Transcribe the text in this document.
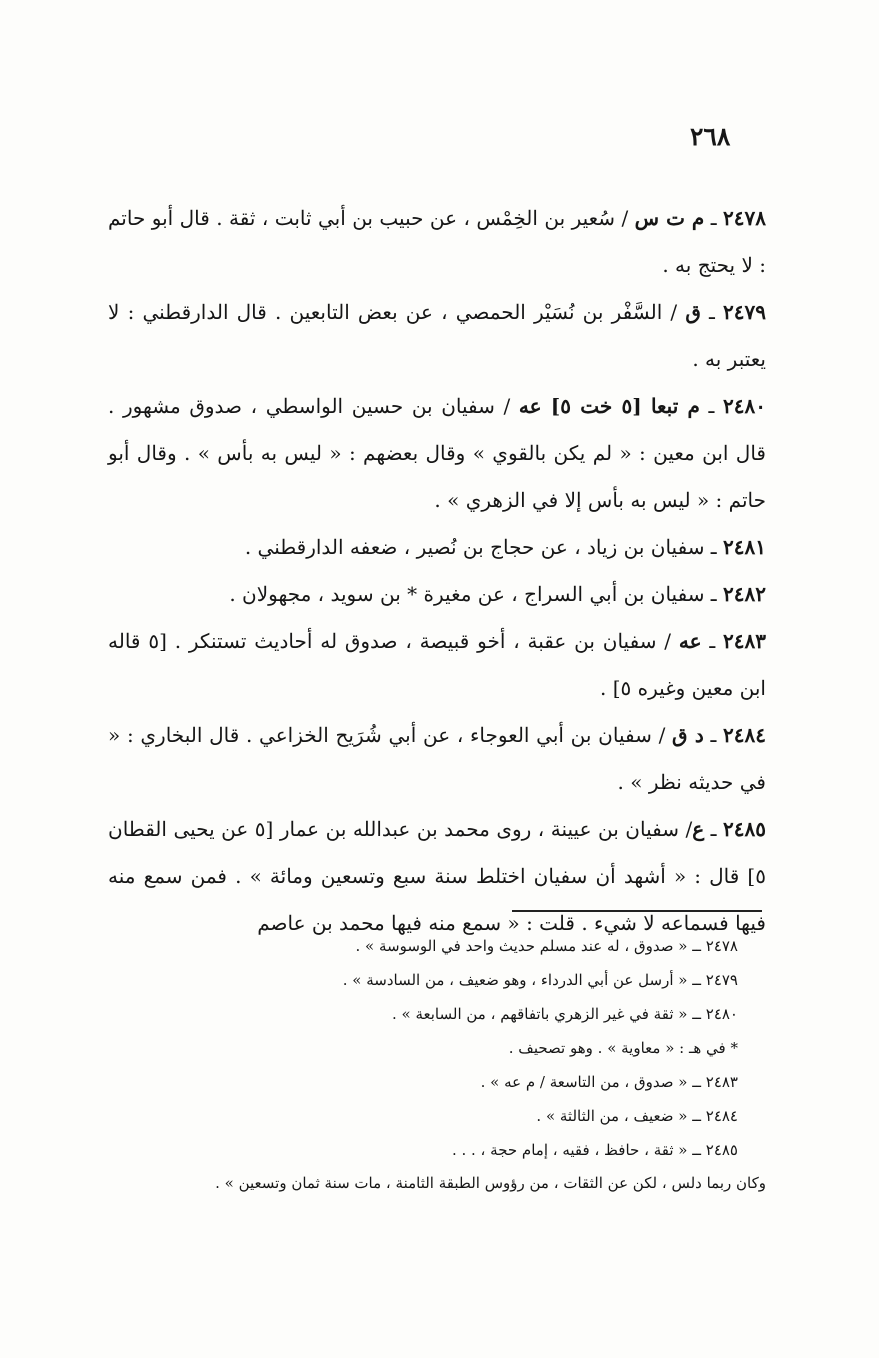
٢٦٨

٢٤٧٨ ـ م ت س / سُعير بن الخِمْس ، عن حبيب بن أبي ثابت ، ثقة . قال أبو حاتم : لا يحتج به .

٢٤٧٩ ـ ق / السَّفْر بن نُسَيْر الحمصي ، عن بعض التابعين . قال الدارقطني : لا يعتبر به .

٢٤٨٠ ـ م تبعا [٥ خت ٥] عه / سفيان بن حسين الواسطي ، صدوق مشهور . قال ابن معين : « لم يكن بالقوي » وقال بعضهم : « ليس به بأس » . وقال أبو حاتم : « ليس به بأس إلا في الزهري » .

٢٤٨١ ـ سفيان بن زياد ، عن حجاج بن نُصير ، ضعفه الدارقطني .

٢٤٨٢ ـ سفيان بن أبي السراج ، عن مغيرة * بن سويد ، مجهولان .

٢٤٨٣ ـ عه / سفيان بن عقبة ، أخو قبيصة ، صدوق له أحاديث تستنكر . [٥ قاله ابن معين وغيره ٥] .

٢٤٨٤ ـ د ق / سفيان بن أبي العوجاء ، عن أبي شُرَيح الخزاعي . قال البخاري : « في حديثه نظر » .

٢٤٨٥ ـ ع/ سفيان بن عيينة ، روى محمد بن عبدالله بن عمار [٥ عن يحيى القطان ٥] قال : « أشهد أن سفيان اختلط سنة سبع وتسعين ومائة » . فمن سمع منه فيها فسماعه لا شيء . قلت : « سمع منه فيها محمد بن عاصم

٢٤٧٨ ــ « صدوق ، له عند مسلم حديث واحد في الوسوسة » .

٢٤٧٩ ــ « أرسل عن أبي الدرداء ، وهو ضعيف ، من السادسة » .

٢٤٨٠ ــ « ثقة في غير الزهري باتفاقهم ، من السابعة » .

* في هـ : « معاوية » . وهو تصحيف .

٢٤٨٣ ــ « صدوق ، من التاسعة / م عه » .

٢٤٨٤ ــ « ضعيف ، من الثالثة » .

٢٤٨٥ ــ « ثقة ، حافظ ، فقيه ، إمام حجة ، . . .

وكان ربما دلس ، لكن عن الثقات ، من رؤوس الطبقة الثامنة ، مات سنة ثمان وتسعين » .
